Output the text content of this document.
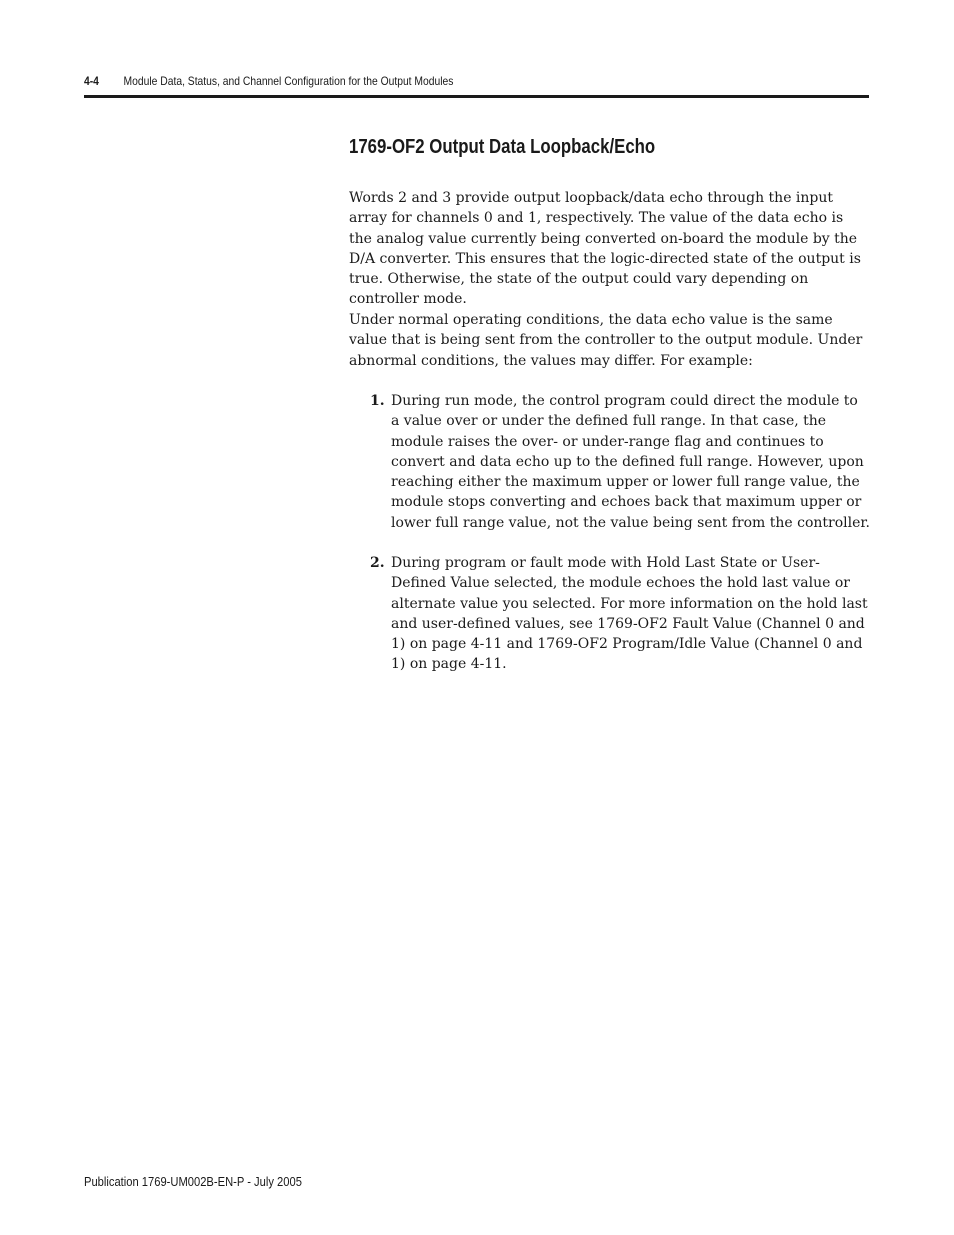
4-4 Module Data, Status, and Channel Configuration for the Output Modules
1769-OF2 Output Data Loopback/Echo

Words 2 and 3 provide output loopback/data echo through the input array for channels 0 and 1, respectively. The value of the data echo is the analog value currently being converted on-board the module by the D/A converter. This ensures that the logic-directed state of the output is true. Otherwise, the state of the output could vary depending on controller mode.

Under normal operating conditions, the data echo value is the same value that is being sent from the controller to the output module. Under abnormal conditions, the values may differ. For example:

1. During run mode, the control program could direct the module to a value over or under the defined full range. In that case, the module raises the over- or under-range flag and continues to convert and data echo up to the defined full range. However, upon reaching either the maximum upper or lower full range value, the module stops converting and echoes back that maximum upper or lower full range value, not the value being sent from the controller.
2. During program or fault mode with Hold Last State or User-Defined Value selected, the module echoes the hold last value or alternate value you selected. For more information on the hold last and user-defined values, see 1769-OF2 Fault Value (Channel 0 and 1) on page 4-11 and 1769-OF2 Program/Idle Value (Channel 0 and 1) on page 4-11.
Publication 1769-UM002B-EN-P - July 2005
